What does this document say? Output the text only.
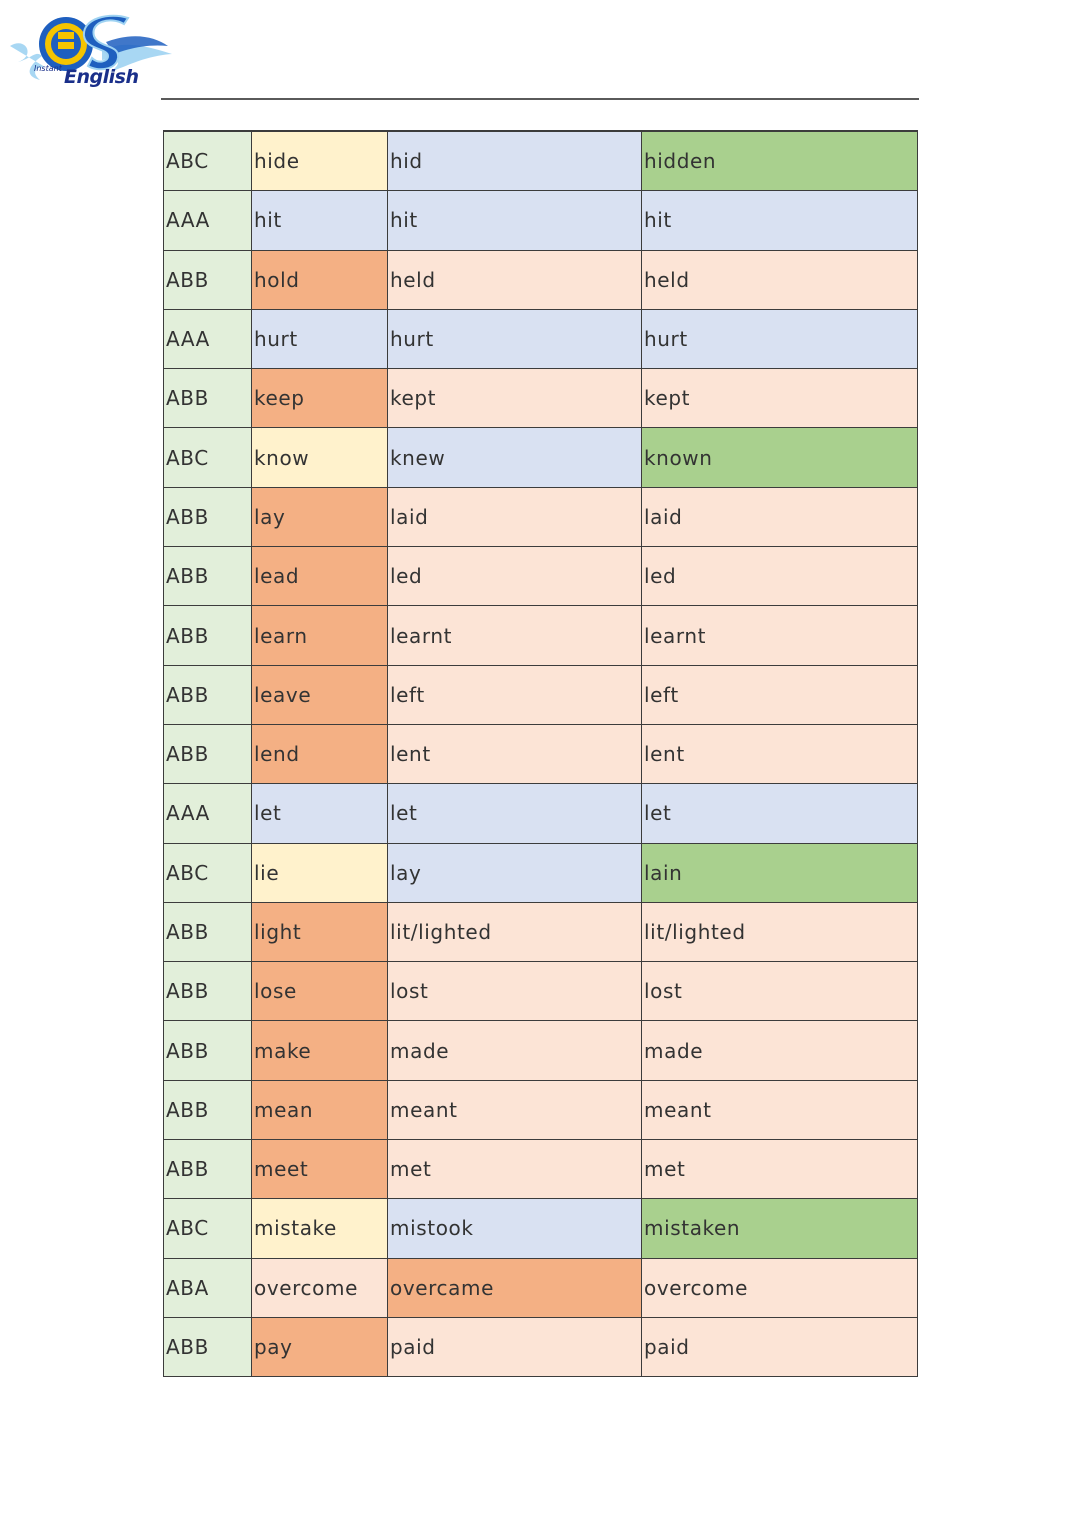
Instant English
ABC	hide	hid	hidden
AAA	hit	hit	hit
ABB	hold	held	held
AAA	hurt	hurt	hurt
ABB	keep	kept	kept
ABC	know	knew	known
ABB	lay	laid	laid
ABB	lead	led	led
ABB	learn	learnt	learnt
ABB	leave	left	left
ABB	lend	lent	lent
AAA	let	let	let
ABC	lie	lay	lain
ABB	light	lit/lighted	lit/lighted
ABB	lose	lost	lost
ABB	make	made	made
ABB	mean	meant	meant
ABB	meet	met	met
ABC	mistake	mistook	mistaken
ABA	overcome	overcame	overcome
ABB	pay	paid	paid
